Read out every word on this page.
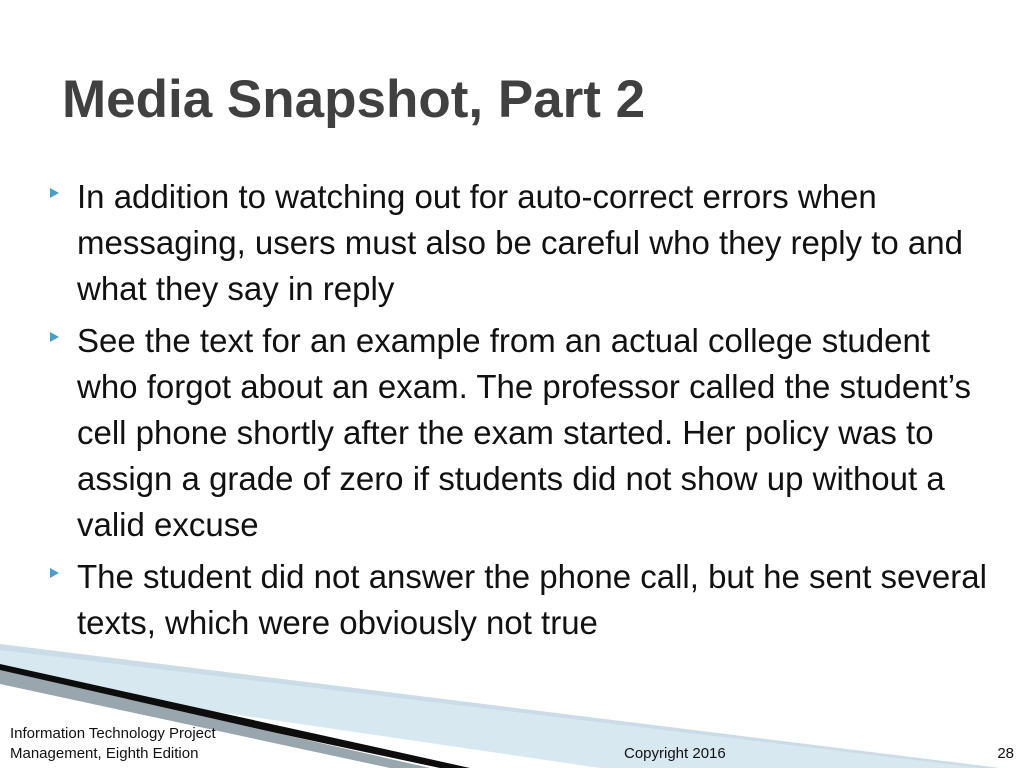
Media Snapshot, Part 2
In addition to watching out for auto-correct errors when messaging, users must also be careful who they reply to and what they say in reply
See the text for an example from an actual college student who forgot about an exam. The professor called the student’s cell phone shortly after the exam started. Her policy was to assign a grade of zero if students did not show up without a valid excuse
The student did not answer the phone call, but he sent several texts, which were obviously not true
Information Technology Project
Management, Eighth Edition	Copyright 2016	28
